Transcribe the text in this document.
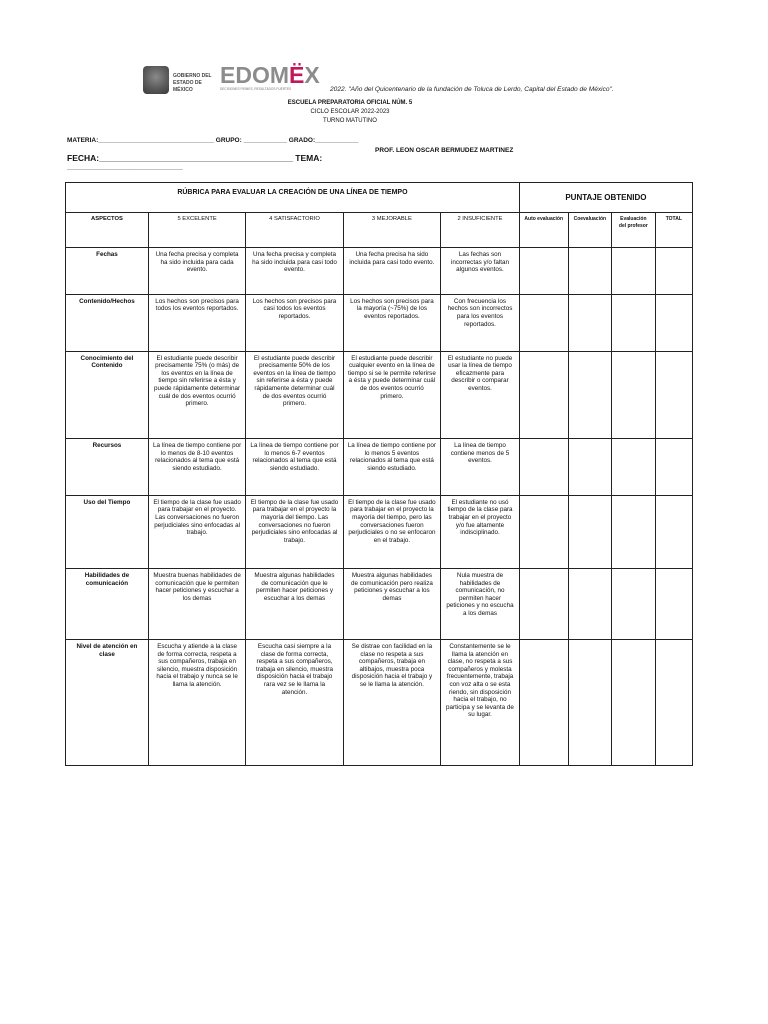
GOBIERNO DEL
ESTADO DE MÉXICO
EDOMËX
DECISIONES FIRMES, RESULTADOS FUERTES	2022. "Año del Quicentenario de la fundación de Toluca de Lerdo, Capital del Estado de México".
ESCUELA PREPARATORIA OFICIAL NÚM. 5
CICLO ESCOLAR 2022-2023
TURNO MATUTINO
MATERIA:________________________________ GRUPO: ____________ GRADO:____________
PROF. LEON OSCAR BERMUDEZ MARTINEZ
FECHA:_________________________________________ TEMA:
________________________________
RÚBRICA PARA EVALUAR LA CREACIÓN DE UNA LÍNEA DE TIEMPO					PUNTAJE OBTENIDO			
ASPECTOS	5 EXCELENTE	4 SATISFACTORIO	3 MEJORABLE	2 INSUFICIENTE	Auto evaluación	Coevaluación	Evaluación del profesor	TOTAL
Fechas	Una fecha precisa y completa ha sido incluida para cada evento.	Una fecha precisa y completa ha sido incluida para casi todo evento.	Una fecha precisa ha sido incluida para casi todo evento.	Las fechas son incorrectas y/o faltan algunos eventos.				
Contenido/Hechos	Los hechos son precisos para todos los eventos reportados.	Los hechos son precisos para casi todos los eventos reportados.	Los hechos son precisos para la mayoría (~75%) de los eventos reportados.	Con frecuencia los hechos son incorrectos para los eventos reportados.				
Conocimiento del Contenido	El estudiante puede describir precisamente 75% (o más) de los eventos en la línea de tiempo sin referirse a ésta y puede rápidamente determinar cuál de dos eventos ocurrió primero.	El estudiante puede describir precisamente 50% de los eventos en la línea de tiempo sin referirse a ésta y puede rápidamente determinar cuál de dos eventos ocurrió primero.	El estudiante puede describir cualquier evento en la línea de tiempo si se le permite referirse a ésta y puede determinar cuál de dos eventos ocurrió primero.	El estudiante no puede usar la línea de tiempo eficazmente para describir o comparar eventos.				
Recursos	La línea de tiempo contiene por lo menos de 8-10 eventos relacionados al tema que está siendo estudiado.	La línea de tiempo contiene por lo menos 6-7 eventos relacionados al tema que está siendo estudiado.	La línea de tiempo contiene por lo menos 5 eventos relacionados al tema que está siendo estudiado.	La línea de tiempo contiene menos de 5 eventos.				
Uso del Tiempo	El tiempo de la clase fue usado para trabajar en el proyecto. Las conversaciones no fueron perjudiciales sino enfocadas al trabajo.	El tiempo de la clase fue usado para trabajar en el proyecto la mayoría del tiempo. Las conversaciones no fueron perjudiciales sino enfocadas al trabajo.	El tiempo de la clase fue usado para trabajar en el proyecto la mayoría del tiempo, pero las conversaciones fueron perjudiciales o no se enfocaron en el trabajo.	El estudiante no usó tiempo de la clase para trabajar en el proyecto y/o fue altamente indisciplinado.				
Habilidades de comunicación	Muestra buenas habilidades de comunicación que le permiten hacer peticiones y escuchar a los demas	Muestra algunas habilidades de comunicación que le permiten hacer peticiones y escuchar a los demas	Muestra algunas habilidades de comunicación pero realiza peticiones y escuchar a los demas	Nula muestra de habilidades de comunicación, no permiten hacer peticiones y no escucha a los demas				
Nivel de atención en clase	Escucha y atiende a la clase de forma correcta, respeta a sus compañeros, trabaja en silencio, muestra disposición hacia el trabajo y nunca se le llama la atención.	Escucha casi siempre a la clase de forma correcta, respeta a sus compañeros, trabaja en silencio, muestra disposición hacia el trabajo rara vez se le llama la atención.	Se distrae con facilidad en la clase no respeta a sus compañeros, trabaja en altibajos, muestra poca disposición hacia el trabajo y se le llama la atención.	Constantemente se le llama la atención en clase, no respeta a sus compañeros y molesta frecuentemente, trabaja con voz alta o se esta riendo, sin disposición hacia el trabajo, no participa y se levanta de su lugar.				
